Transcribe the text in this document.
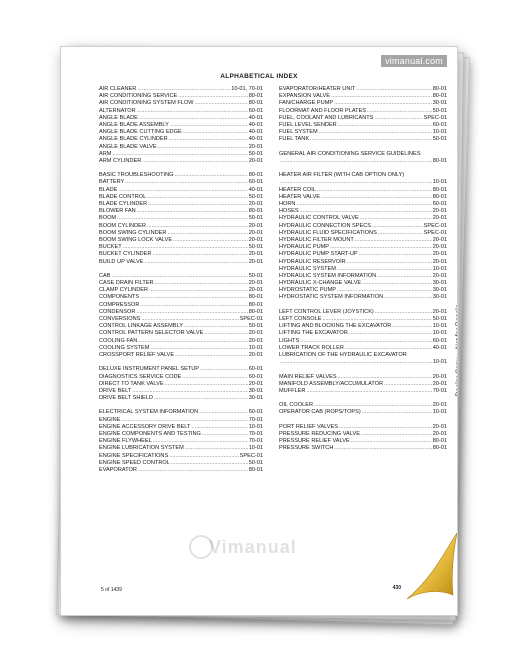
vimanual.com
ALPHABETICAL INDEX
AIR CLEANER .....	10-01, 70-01
AIR CONDITIONING SERVICE .....	80-01
AIR CONDITIONING SYSTEM FLOW .....	80-01
ALTERNATOR .....	60-01
ANGLE BLADE .....	40-01
ANGLE BLADE ASSEMBLY .....	40-01
ANGLE BLADE CUTTING EDGE .....	40-01
ANGLE BLADE CYLINDER .....	40-01
ANGLE BLADE VALVE .....	20-01
ARM .....	50-01
ARM CYLINDER .....	20-01
BASIC TROUBLESHOOTING .....	80-01
BATTERY .....	60-01
BLADE .....	40-01
BLADE CONTROL .....	50-01
BLADE CYLINDER .....	20-01
BLOWER FAN .....	80-01
BOOM .....	50-01
BOOM CYLINDER .....	20-01
BOOM SWING CYLINDER .....	20-01
BOOM SWING LOCK VALVE .....	20-01
BUCKET .....	50-01
BUCKET CYLINDER .....	20-01
BUILD UP VALVE .....	20-01
CAB .....	50-01
CASE DRAIN FILTER .....	20-01
CLAMP CYLINDER .....	20-01
COMPONENTS .....	80-01
COMPRESSOR .....	80-01
CONDENSOR .....	80-01
CONVERSIONS .....	SPEC-01
CONTROL LINKAGE ASSEMBLY .....	50-01
CONTROL PATTERN SELECTOR VALVE .....	20-01
COOLING FAN .....	20-01
COOLING SYSTEM .....	10-01
CROSSPORT RELIEF VALVE .....	20-01
DELUXE INSTRUMENT PANEL SETUP .....	60-01
DIAGNOSTICS SERVICE CODE .....	60-01
DIRECT TO TANK VALVE .....	20-01
DRIVE BELT .....	30-01
DRIVE BELT SHIELD .....	30-01
ELECTRICAL SYSTEM INFORMATION .....	60-01
ENGINE .....	70-01
ENGINE ACCESSORY DRIVE BELT .....	10-01
ENGINE COMPONENTS AND TESTING .....	70-01
ENGINE FLYWHEEL .....	70-01
ENGINE LUBRICATION SYSTEM .....	10-01
ENGINE SPECIFICATIONS .....	SPEC-01
ENGINE SPEED CONTROL .....	50-01
EVAPORATOR .....	80-01
EVAPORATOR/HEATER UNIT .....	80-01
EXPANSION VALVE .....	80-01
FAN/CHARGE PUMP .....	30-01
FLOORMAT AND FLOOR PLATES .....	50-01
FUEL, COOLANT AND LUBRICANTS .....	SPEC-01
FUEL LEVEL SENDER .....	60-01
FUEL SYSTEM .....	10-01
FUEL TANK .....	50-01
GENERAL AIR CONDITIONING SERVICE GUIDELINES
.....
80-01
HEATER AIR FILTER (WITH CAB OPTION ONLY)
.....
10-01
HEATER COIL .....	80-01
HEATER VALVE .....	80-01
HORN .....	60-01
HOSES .....	20-01
HYDRAULIC CONTROL VALVE .....	20-01
HYDRAULIC CONNECTION SPECS .....	SPEC-01
HYDRAULIC FLUID SPECIFICATIONS .....	SPEC-01
HYDRAULIC FILTER MOUNT .....	20-01
HYDRAULIC PUMP .....	20-01
HYDRAULIC PUMP START-UP .....	20-01
HYDRAULIC RESERVOIR .....	20-01
HYDRAULIC SYSTEM .....	10-01
HYDRAULIC SYSTEM INFORMATION .....	20-01
HYDRAULIC X-CHANGE VALVE .....	30-01
HYDROSTATIC PUMP .....	30-01
HYDROSTATIC SYSTEM INFORMATION .....	30-01
LEFT CONTROL LEVER (JOYSTICK) .....	20-01
LEFT CONSOLE .....	50-01
LIFTING AND BLOCKING THE EXCAVATOR .....	10-01
LIFTING THE EXCAVATOR .....	10-01
LIGHTS .....	60-01
LOWER TRACK ROLLER .....	40-01
LUBRICATION OF THE HYDRAULIC EXCAVATOR
.....
10-01
MAIN RELIEF VALVES .....	20-01
MANIFOLD ASSEMBLY/ACCUMULATOR .....	20-01
MUFFLER .....	70-01
OIL COOLER .....	20-01
OPERATOR CAB (ROPS/TOPS) .....	10-01
PORT RELIEF VALVES .....	20-01
PRESSURE REDUCING VALVE .....	20-01
PRESSURE RELIEF VALVE .....	80-01
PRESSURE SWITCH .....	80-01
Dealer Copy -- Not for Resale
Vimanual
5 of 1439	430
